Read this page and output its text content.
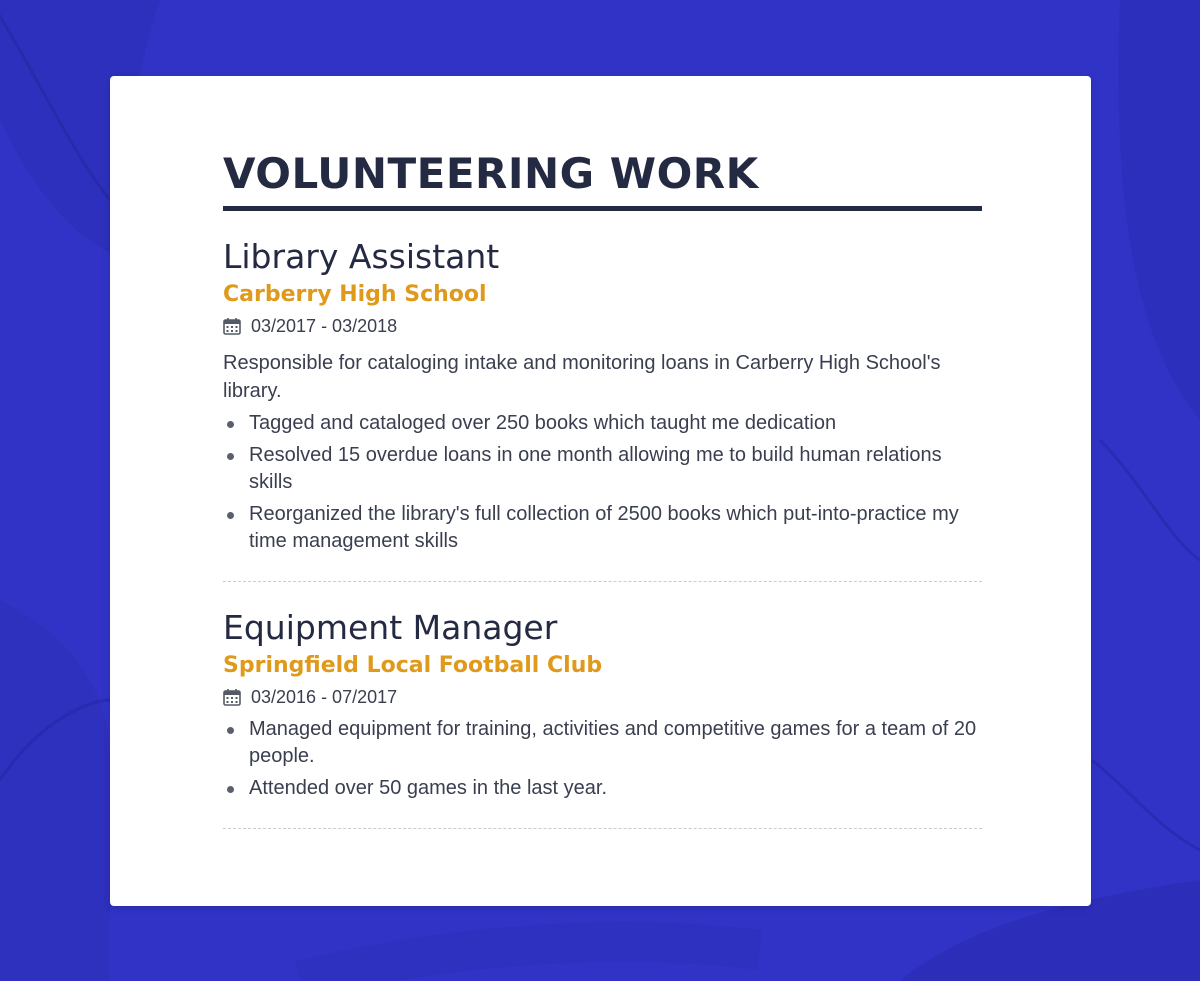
VOLUNTEERING WORK
Library Assistant
Carberry High School
03/2017 - 03/2018
Responsible for cataloging intake and monitoring loans in Carberry High School's library.
Tagged and cataloged over 250 books which taught me dedication
Resolved 15 overdue loans in one month allowing me to build human relations skills
Reorganized the library's full collection of 2500 books which put-into-practice my time management skills
Equipment Manager
Springfield Local Football Club
03/2016 - 07/2017
Managed equipment for training, activities and competitive games for a team of 20 people.
Attended over 50 games in the last year.
